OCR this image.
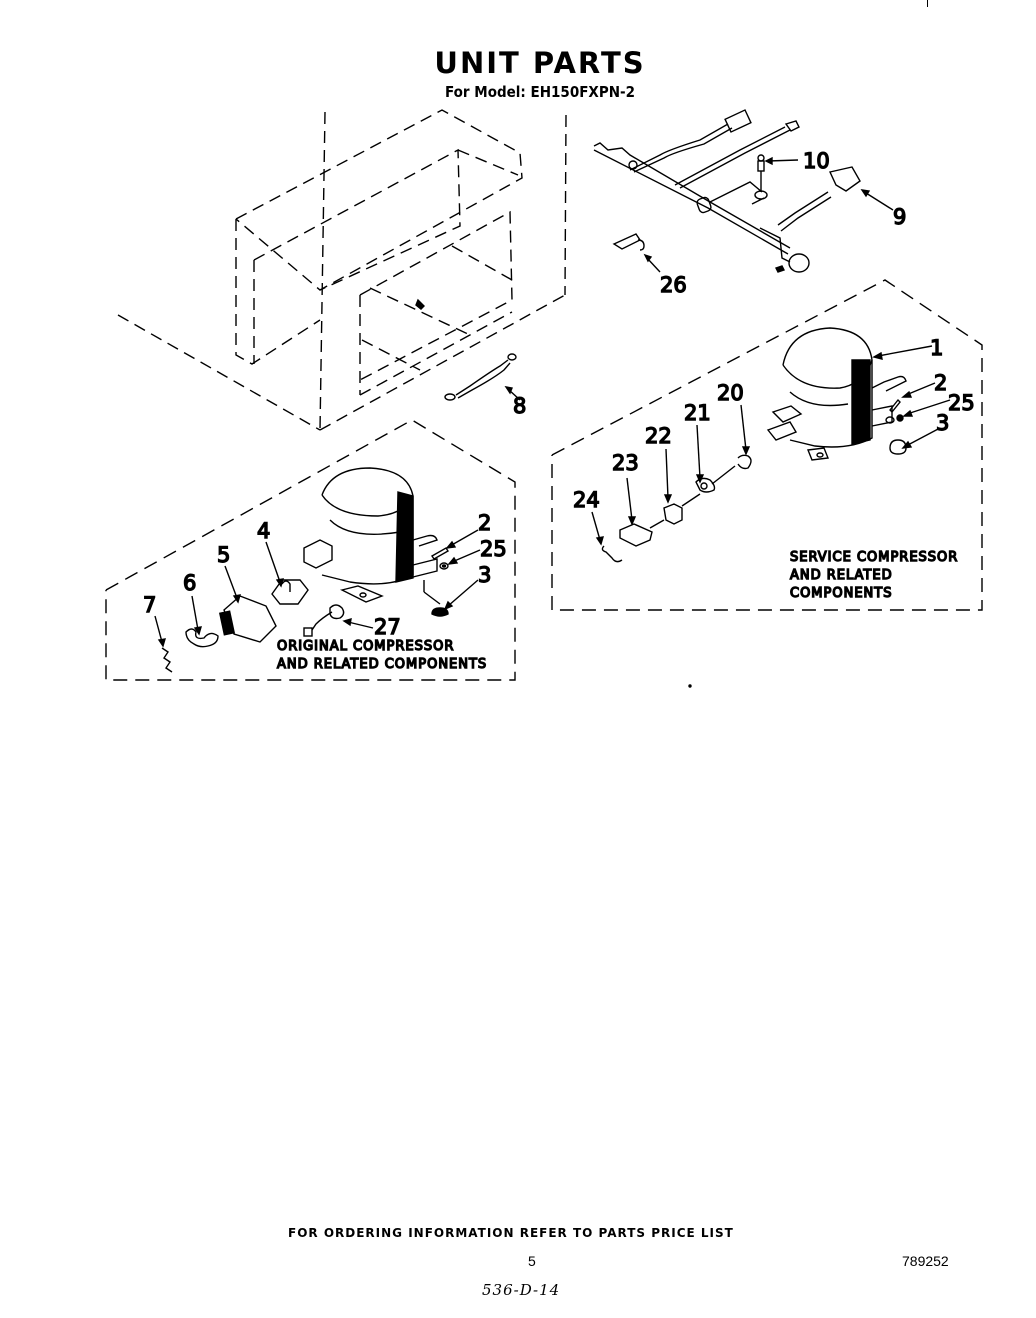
UNIT PARTS
For Model: EH150FXPN-2
8
10
9
26
1
2
25
3
20
21
22
23
24
SERVICE COMPRESSOR
AND RELATED
COMPONENTS
2
25
3
4
5
6
7
27
ORIGINAL COMPRESSOR
AND RELATED COMPONENTS
FOR ORDERING INFORMATION REFER TO PARTS PRICE LIST
5	789252
536-D-14
